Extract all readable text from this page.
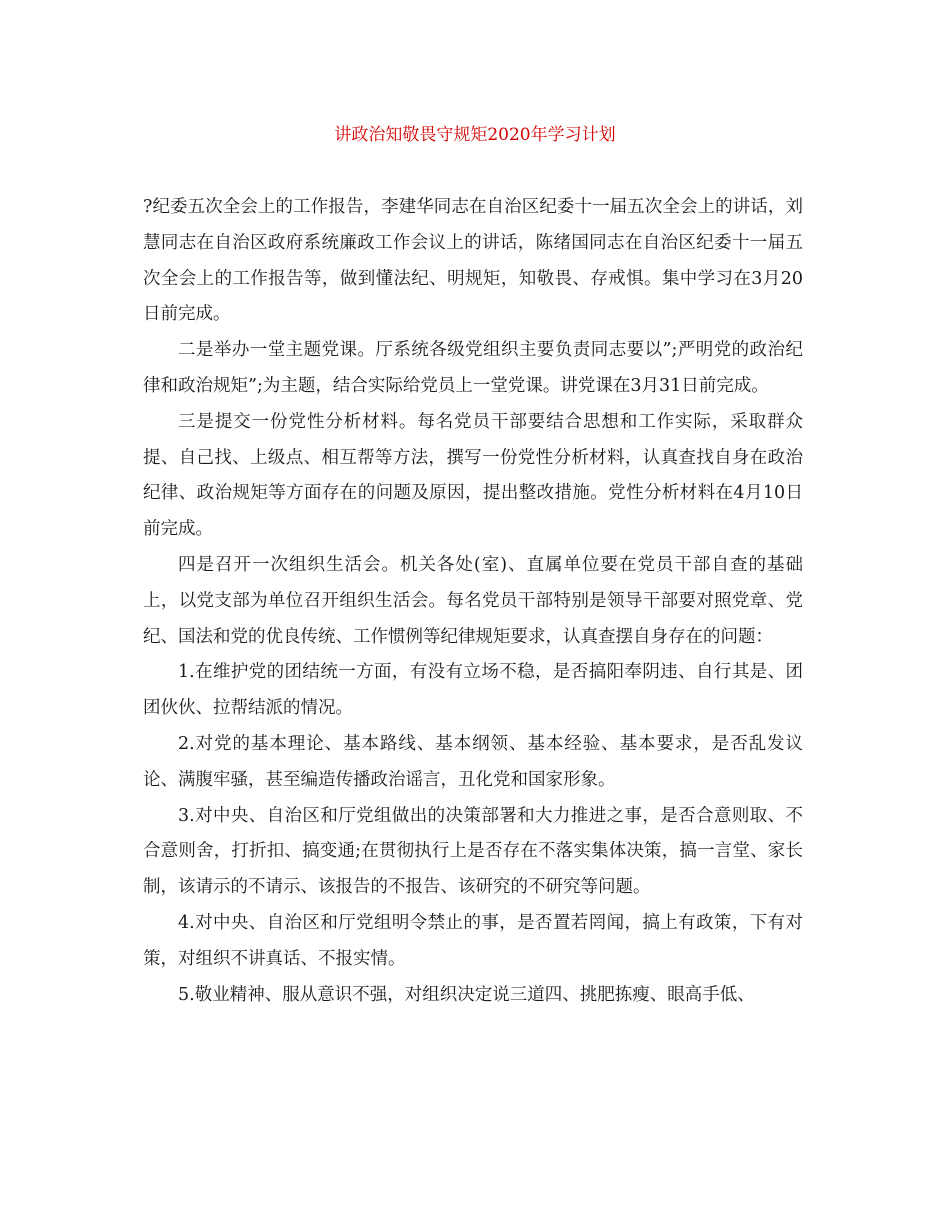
讲政治知敬畏守规矩2020年学习计划

?纪委五次全会上的工作报告，李建华同志在自治区纪委十一届五次全会上的讲话，刘慧同志在自治区政府系统廉政工作会议上的讲话，陈绪国同志在自治区纪委十一届五次全会上的工作报告等，做到懂法纪、明规矩，知敬畏、存戒惧。集中学习在3月20日前完成。

二是举办一堂主题党课。厅系统各级党组织主要负责同志要以”;严明党的政治纪律和政治规矩”;为主题，结合实际给党员上一堂党课。讲党课在3月31日前完成。

三是提交一份党性分析材料。每名党员干部要结合思想和工作实际，采取群众提、自己找、上级点、相互帮等方法，撰写一份党性分析材料，认真查找自身在政治纪律、政治规矩等方面存在的问题及原因，提出整改措施。党性分析材料在4月10日前完成。

四是召开一次组织生活会。机关各处(室)、直属单位要在党员干部自查的基础上，以党支部为单位召开组织生活会。每名党员干部特别是领导干部要对照党章、党纪、国法和党的优良传统、工作惯例等纪律规矩要求，认真查摆自身存在的问题：

1.在维护党的团结统一方面，有没有立场不稳，是否搞阳奉阴违、自行其是、团团伙伙、拉帮结派的情况。

2.对党的基本理论、基本路线、基本纲领、基本经验、基本要求，是否乱发议论、满腹牢骚，甚至编造传播政治谣言，丑化党和国家形象。

3.对中央、自治区和厅党组做出的决策部署和大力推进之事，是否合意则取、不合意则舍，打折扣、搞变通;在贯彻执行上是否存在不落实集体决策，搞一言堂、家长制，该请示的不请示、该报告的不报告、该研究的不研究等问题。

4.对中央、自治区和厅党组明令禁止的事，是否置若罔闻，搞上有政策，下有对策，对组织不讲真话、不报实情。

5.敬业精神、服从意识不强，对组织决定说三道四、挑肥拣瘦、眼高手低、
